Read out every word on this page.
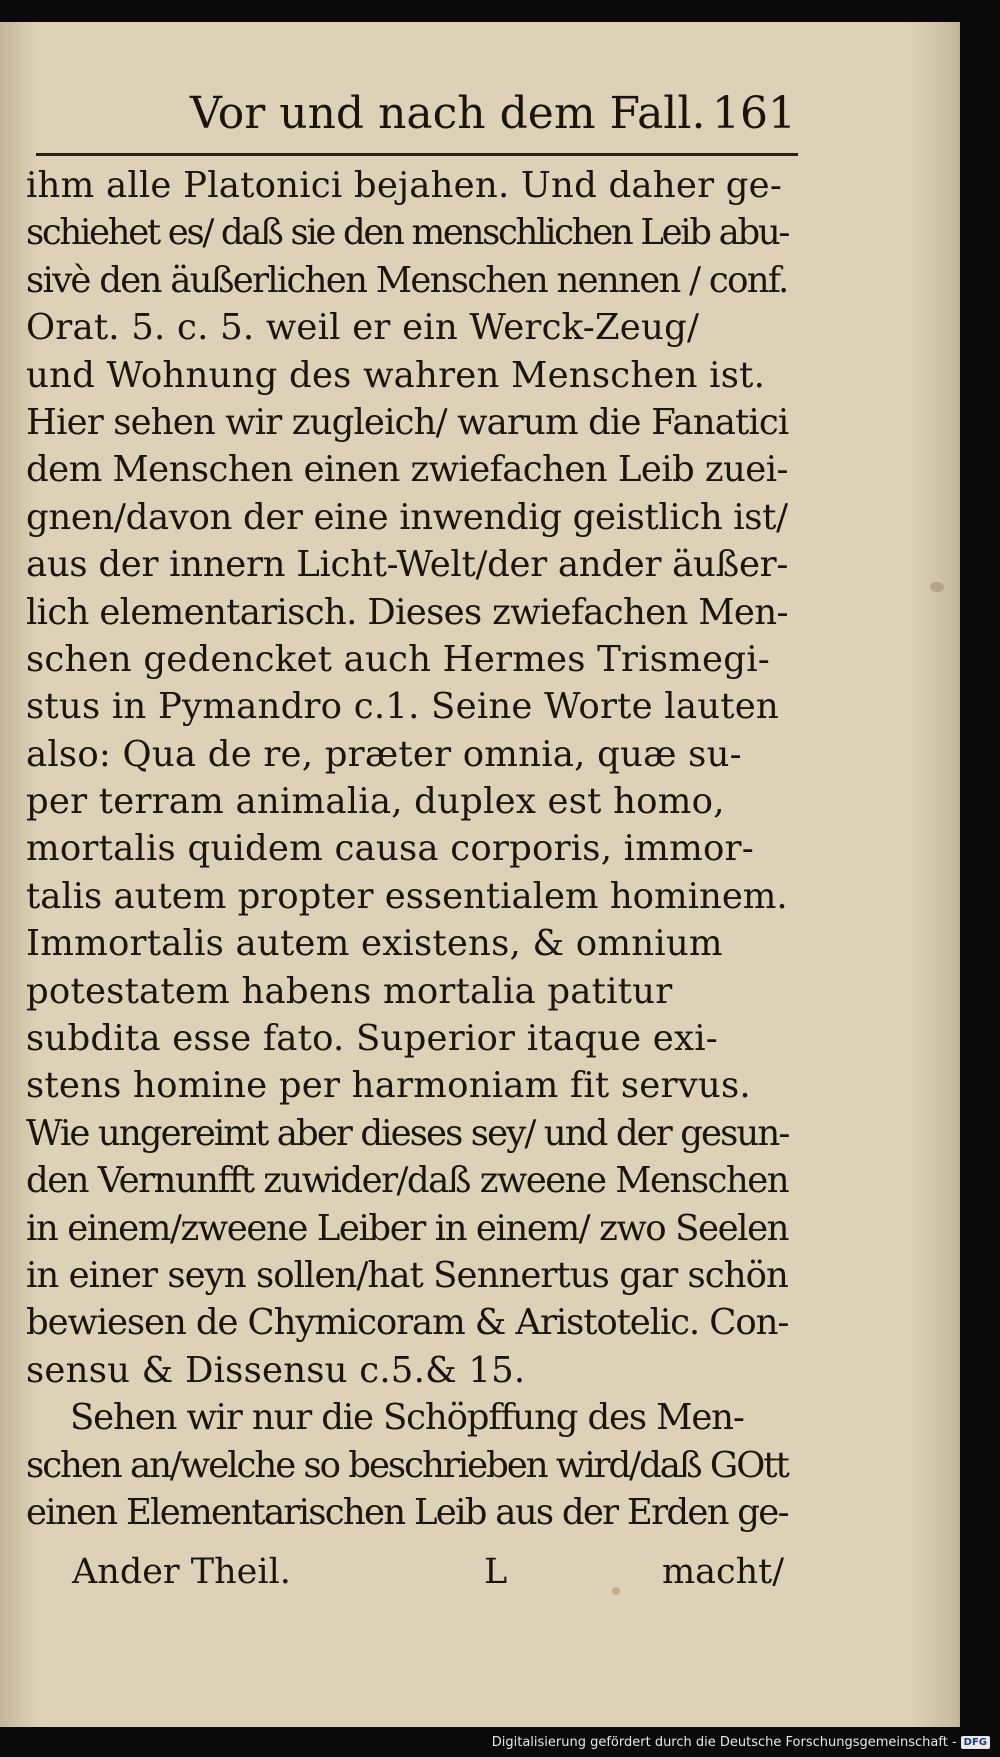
Vor und nach dem Fall. 161
ihm alle Platonici bejahen. Und daher ge-
schiehet es/ daß sie den menschlichen Leib abu-
sivè den äußerlichen Menschen nennen / conf.
Orat. 5. c. 5. weil er ein Werck-Zeug/
und Wohnung des wahren Menschen ist.
Hier sehen wir zugleich/ warum die Fanatici
dem Menschen einen zwiefachen Leib zuei-
gnen/davon der eine inwendig geistlich ist/
aus der innern Licht-Welt/der ander äußer-
lich elementarisch. Dieses zwiefachen Men-
schen gedencket auch Hermes Trismegi-
stus in Pymandro c.1. Seine Worte lauten
also: Qua de re, præter omnia, quæ su-
per terram animalia, duplex est homo,
mortalis quidem causa corporis, immor-
talis autem propter essentialem hominem.
Immortalis autem existens, & omnium
potestatem habens mortalia patitur
subdita esse fato. Superior itaque exi-
stens homine per harmoniam fit servus.
Wie ungereimt aber dieses sey/ und der gesun-
den Vernunfft zuwider/daß zweene Menschen
in einem/zweene Leiber in einem/ zwo Seelen
in einer seyn sollen/hat Sennertus gar schön
bewiesen de Chymicoram & Aristotelic. Con-
sensu & Dissensu c.5.& 15.
Sehen wir nur die Schöpffung des Men-
schen an/welche so beschrieben wird/daß GOtt
einen Elementarischen Leib aus der Erden ge-
Ander Theil.	L	macht/
Digitalisierung gefördert durch die Deutsche Forschungsgemeinschaft - DFG
